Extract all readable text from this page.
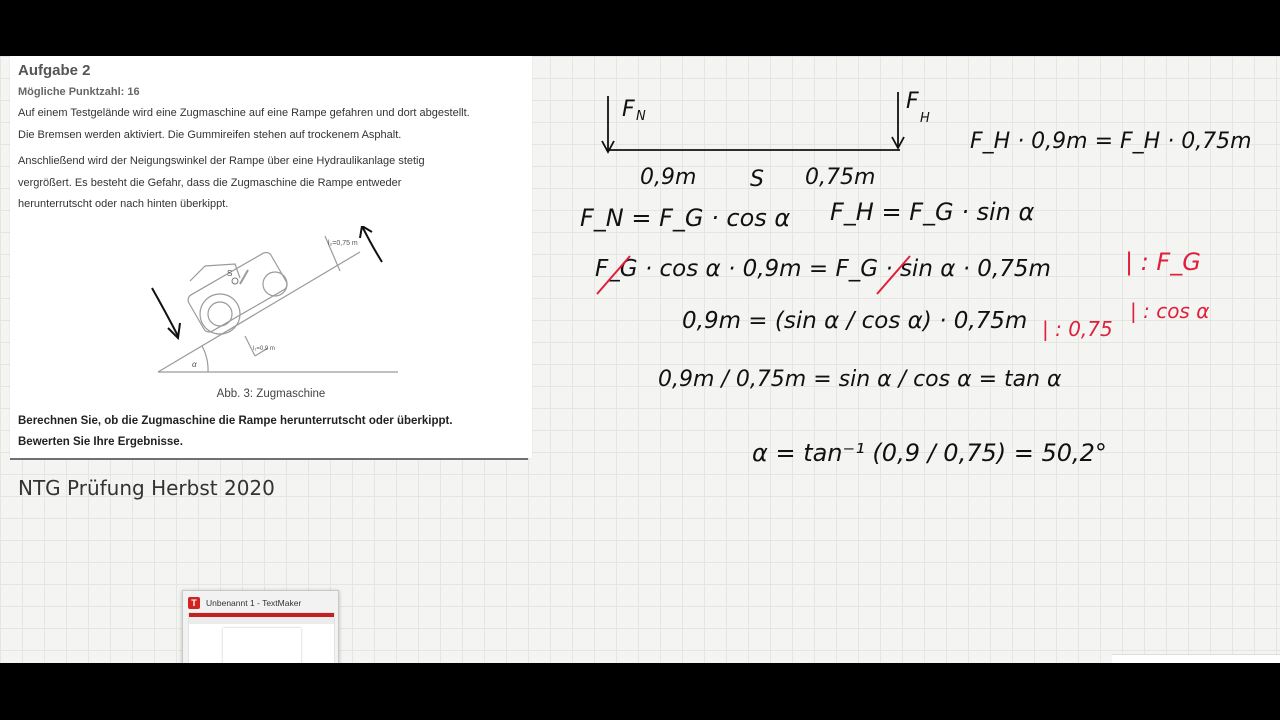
Aufgabe 2
Mögliche Punktzahl: 16
Auf einem Testgelände wird eine Zugmaschine auf eine Rampe gefahren und dort abgestellt.
Die Bremsen werden aktiviert. Die Gummireifen stehen auf trockenem Asphalt.
Anschließend wird der Neigungswinkel der Rampe über eine Hydraulikanlage stetig
vergrößert. Es besteht die Gefahr, dass die Zugmaschine die Rampe entweder
herunterrutscht oder nach hinten überkippt.
S
l₂=0,75 m
l₁=0,9 m
α
Abb. 3: Zugmaschine
Berechnen Sie, ob die Zugmaschine die Rampe herunterrutscht oder überkippt.
Bewerten Sie Ihre Ergebnisse.
NTG Prüfung Herbst 2020
F N
F
H
0,9m S 0,75m
F_H · 0,9m = F_H · 0,75m
F_N = F_G · cos α F_H = F_G · sin α
F_G · cos α · 0,9m = F_G · sin α · 0,75m	| : F_G
0,9m = (sin α / cos α) · 0,75m | : 0,75
| : cos α
0,9m / 0,75m = sin α / cos α = tan α
α = tan⁻¹ (0,9 / 0,75) = 50,2°
T	Unbenannt 1 - TextMaker
